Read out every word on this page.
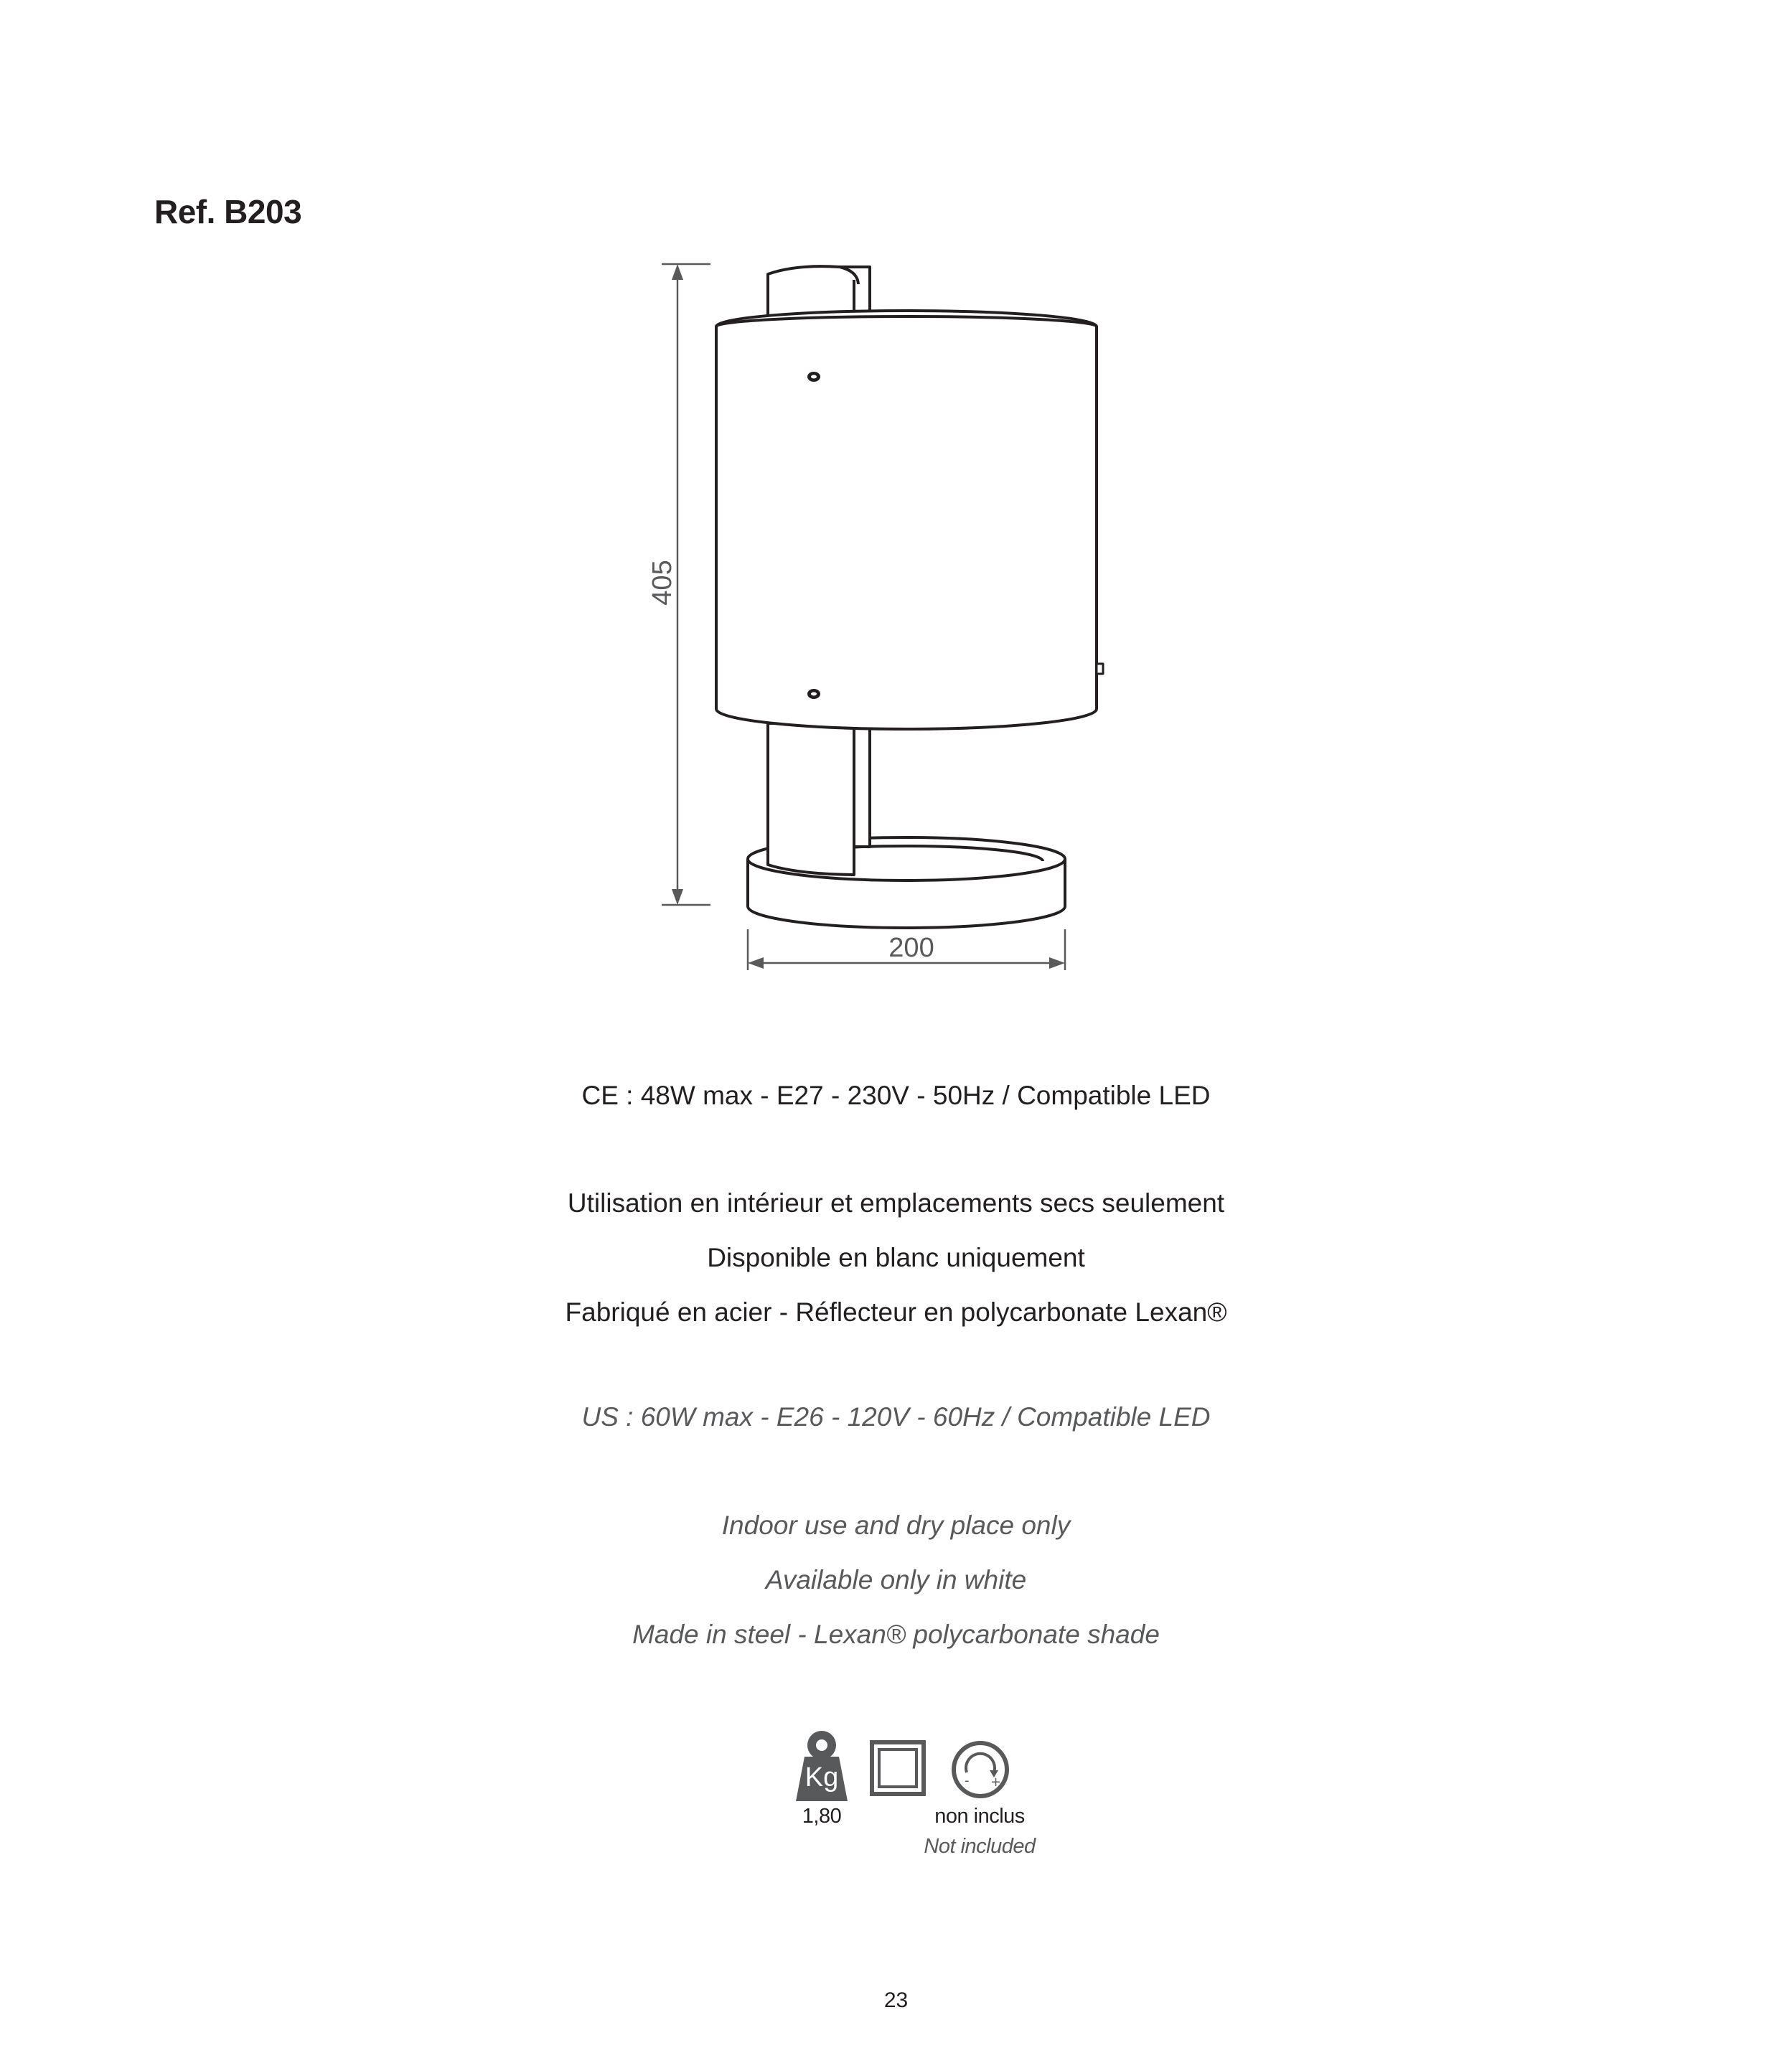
Ref. B203
405
200
CE : 48W max - E27 - 230V - 50Hz / Compatible LED
Utilisation en intérieur et emplacements secs seulement
Disponible en blanc uniquement
Fabriqué en acier - Réflecteur en polycarbonate Lexan®
US : 60W max - E26 - 120V - 60Hz / Compatible LED
Indoor use and dry place only
Available only in white
Made in steel - Lexan® polycarbonate shade
Kg
1,80
- +
non inclus
Not included
23
